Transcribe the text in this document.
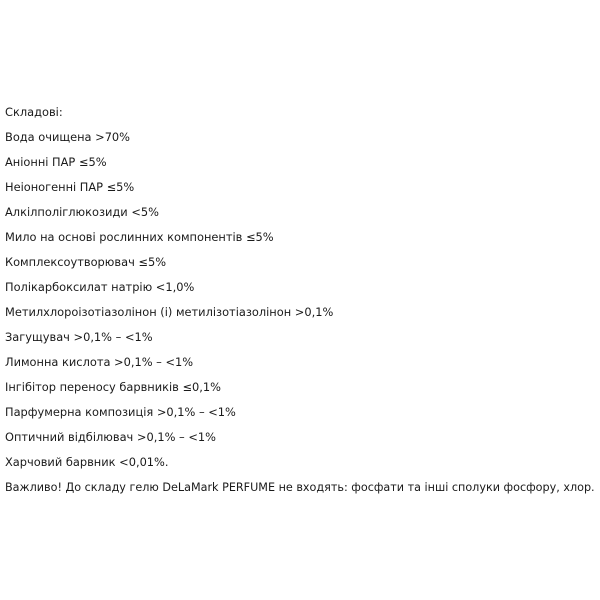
Складові:
Вода очищена >70%
Аніонні ПАР ≤5%
Неіоногенні ПАР ≤5%
Алкілполіглюкозиди <5%
Мило на основі рослинних компонентів ≤5%
Комплексоутворювач ≤5%
Полікарбоксилат натрію <1,0%
Метилхлороізотіазолінон (і) метилізотіазолінон >0,1%
Загущувач >0,1% – <1%
Лимонна кислота >0,1% – <1%
Інгібітор переносу барвників ≤0,1%
Парфумерна композиція >0,1% – <1%
Оптичний відбілювач >0,1% – <1%
Харчовий барвник <0,01%.
Важливо! До складу гелю DeLaMark PERFUME не входять: фосфати та інші сполуки фосфору, хлор.
